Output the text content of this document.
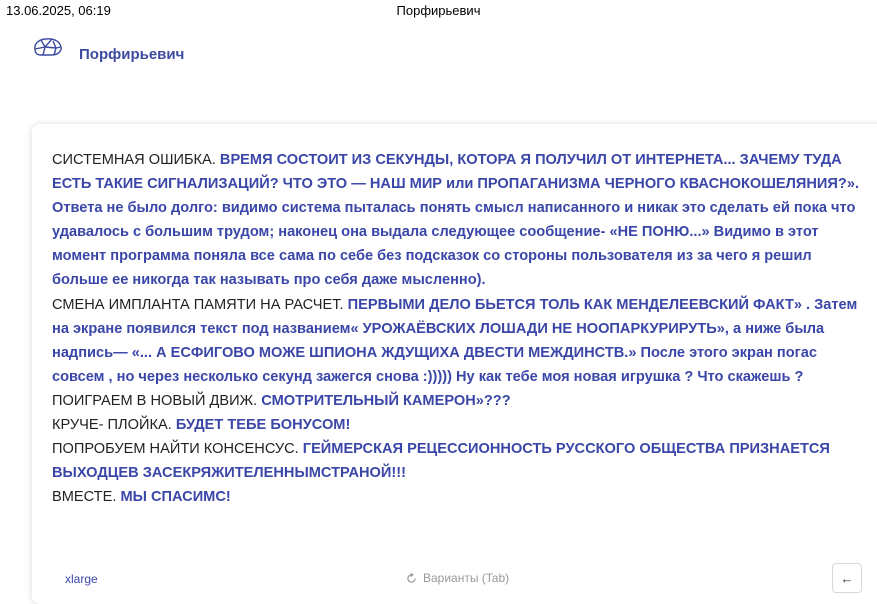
13.06.2025, 06:19	Порфирьевич
Порфирьевич

СИСТЕМНАЯ ОШИБКА. ВРЕМЯ СОСТОИТ ИЗ СЕКУНДЫ, КОТОРА Я ПОЛУЧИЛ ОТ ИНТЕРНЕТА... ЗАЧЕМУ ТУДА ЕСТЬ ТАКИЕ СИГНАЛИЗАЦИЙ? ЧТО ЭТО — НАШ МИР или ПРОПАГАНИЗМА ЧЕРНОГО КВАСНОКОШЕЛЯНИЯ?». Ответа не было долго: видимо система пыталась понять смысл написанного и никак это сделать ей пока что удавалось с большим трудом; наконец она выдала следующее сообщение- «НЕ ПОНЮ...» Видимо в этот момент программа поняла все сама по себе без подсказок со стороны пользователя из за чего я решил больше ее никогда так называть про себя даже мысленно).

СМЕНА ИМПЛАНТА ПАМЯТИ НА РАСЧЕТ. ПЕРВЫМИ ДЕЛО БЬЕТСЯ ТОЛЬ КАК МЕНДЕЛЕЕВСКИЙ ФАКТ» . Затем на экране появился текст под названием« УРОЖАЁВСКИХ ЛОШАДИ НЕ НООПАРКУРИРУТЬ», а ниже была надпись— «... А ЕСФИГОВО МОЖЕ ШПИОНА ЖДУЩИХА ДВЕСТИ МЕЖДИНСТВ.» После этого экран погас совсем , но через несколько секунд зажегся снова :))))) Ну как тебе моя новая игрушка ? Что скажешь ?

ПОИГРАЕМ В НОВЫЙ ДВИЖ. СМОТРИТЕЛЬНЫЙ КАМЕРОН»???

КРУЧЕ- ПЛОЙКА. БУДЕТ ТЕБЕ БОНУСОМ!

ПОПРОБУЕМ НАЙТИ КОНСЕНСУС. ГЕЙМЕРСКАЯ РЕЦЕССИОННОСТЬ РУССКОГО ОБЩЕСТВА ПРИЗНАЕТСЯ ВЫХОДЦЕВ ЗАСЕКРЯЖИТЕЛЕННЫМСТРАНОЙ!!!

ВМЕСТЕ. МЫ СПАСИМС!

xlarge	Варианты (Tab)	←
